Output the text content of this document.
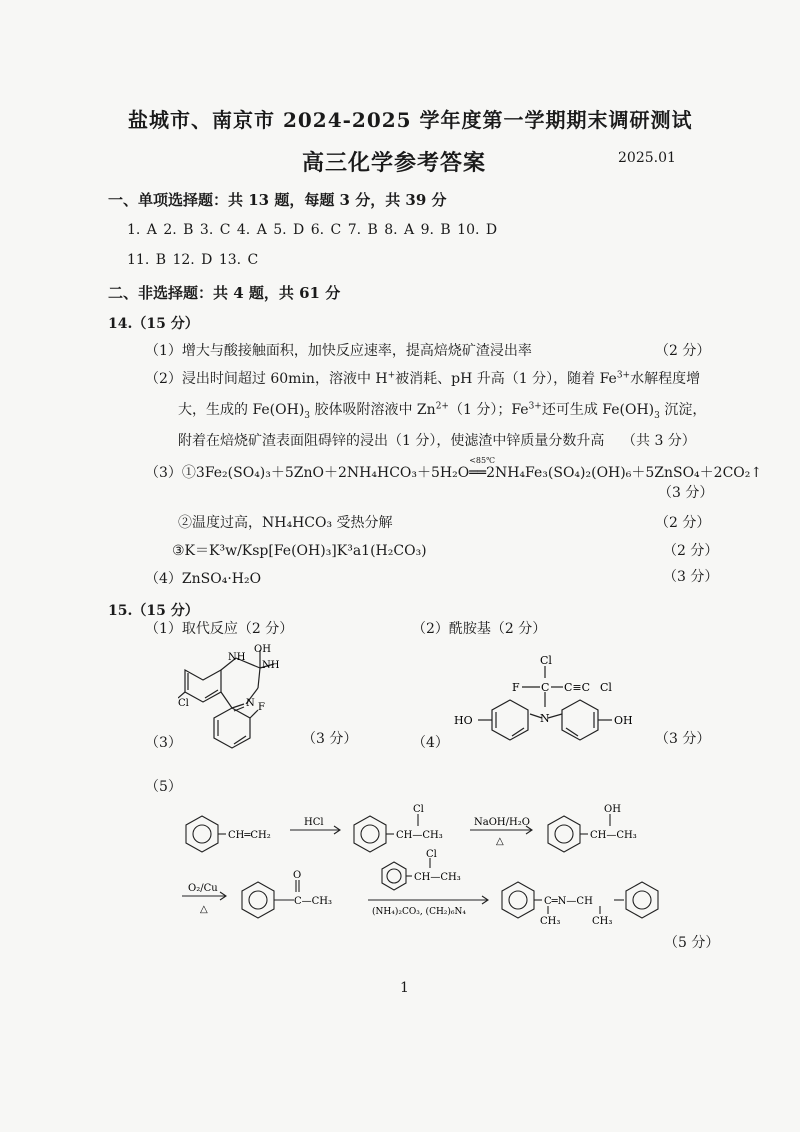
盐城市、南京市 2024-2025 学年度第一学期期末调研测试
高三化学参考答案	2025.01
一、单项选择题：共 13 题，每题 3 分，共 39 分
1. A 2. B 3. C 4. A 5. D 6. C 7. B 8. A 9. B 10. D
11. B 12. D 13. C
二、非选择题：共 4 题，共 61 分
14.（15 分）
（1）增大与酸接触面积，加快反应速率，提高焙烧矿渣浸出率	（2 分）
（2）浸出时间超过 60min，溶液中 H+被消耗、pH 升高（1 分），随着 $Fe^{3+}$水解程度增
大，生成的 $Fe(OH)_3$ 胶体吸附溶液中 $Zn^{2+}(1$ 分）；$Fe^{3+}$还可生成 $Fe(OH)_3$ 沉淀，
附着在焙烧矿渣表面阻碍锌的浸出（1 分），使滤渣中锌质量分数升高 （共 3 分）
（3）①3Fe₂(SO₄)₃＋5ZnO＋2NH₄HCO₃＋5H₂O
<85℃
══2NH₄Fe₃(SO₄)₂(OH)₆＋5ZnSO₄＋2CO₂↑
（3 分）
②温度过高，NH₄HCO₃ 受热分解	（2 分）
③K＝K³w/Ksp[Fe(OH)₃]K³a1(H₂CO₃)	（2 分）
（4）ZnSO₄·H₂O	（3 分）
15.（15 分）
（1）取代反应（2 分）	（2）酰胺基（2 分）
OH
NH
NH
N
Cl	F
（3）	（3 分）
Cl
F C C≡C Cl
N
HO	OH
（4）	（3 分）
（5）
CH═CH₂
HCl
Cl
CH—CH₃
NaOH/H₂O
△
OH
CH—CH₃
O₂/Cu
△
O
C—CH₃
Cl
CH—CH₃
(NH₄)₂CO₃, (CH₂)₆N₄
C═N—CH
CH₃	CH₃
（5 分）
1
